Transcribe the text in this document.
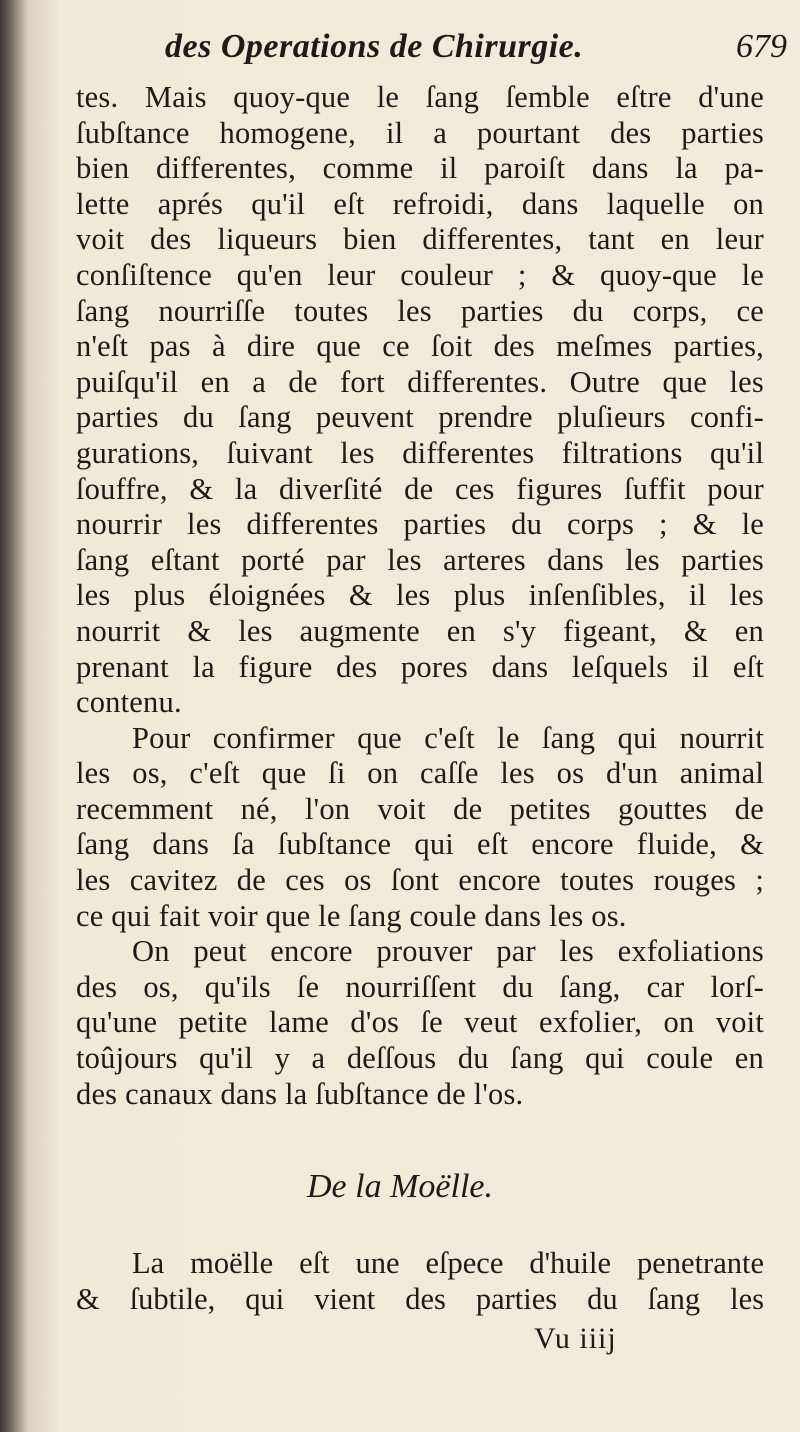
des Operations de Chirurgie.	679
tes. Mais quoy-que le ſang ſemble eſtre d'une
ſubſtance homogene, il a pourtant des parties
bien differentes, comme il paroiſt dans la pa-
lette aprés qu'il eſt refroidi, dans laquelle on
voit des liqueurs bien differentes, tant en leur
conſiſtence qu'en leur couleur ; & quoy-que le
ſang nourriſſe toutes les parties du corps, ce
n'eſt pas à dire que ce ſoit des meſmes parties,
puiſqu'il en a de fort differentes. Outre que les
parties du ſang peuvent prendre pluſieurs confi-
gurations, ſuivant les differentes filtrations qu'il
ſouffre, & la diverſité de ces figures ſuffit pour
nourrir les differentes parties du corps ; & le
ſang eſtant porté par les arteres dans les parties
les plus éloignées & les plus inſenſibles, il les
nourrit & les augmente en s'y figeant, & en
prenant la figure des pores dans leſquels il eſt
contenu.
Pour confirmer que c'eſt le ſang qui nourrit
les os, c'eſt que ſi on caſſe les os d'un animal
recemment né, l'on voit de petites gouttes de
ſang dans ſa ſubſtance qui eſt encore fluide, &
les cavitez de ces os ſont encore toutes rouges ;
ce qui fait voir que le ſang coule dans les os.
On peut encore prouver par les exfoliations
des os, qu'ils ſe nourriſſent du ſang, car lorſ-
qu'une petite lame d'os ſe veut exfolier, on voit
toûjours qu'il y a deſſous du ſang qui coule en
des canaux dans la ſubſtance de l'os.
De la Moëlle.
La moëlle eſt une eſpece d'huile penetrante
& ſubtile, qui vient des parties du ſang les
Vu iiij
